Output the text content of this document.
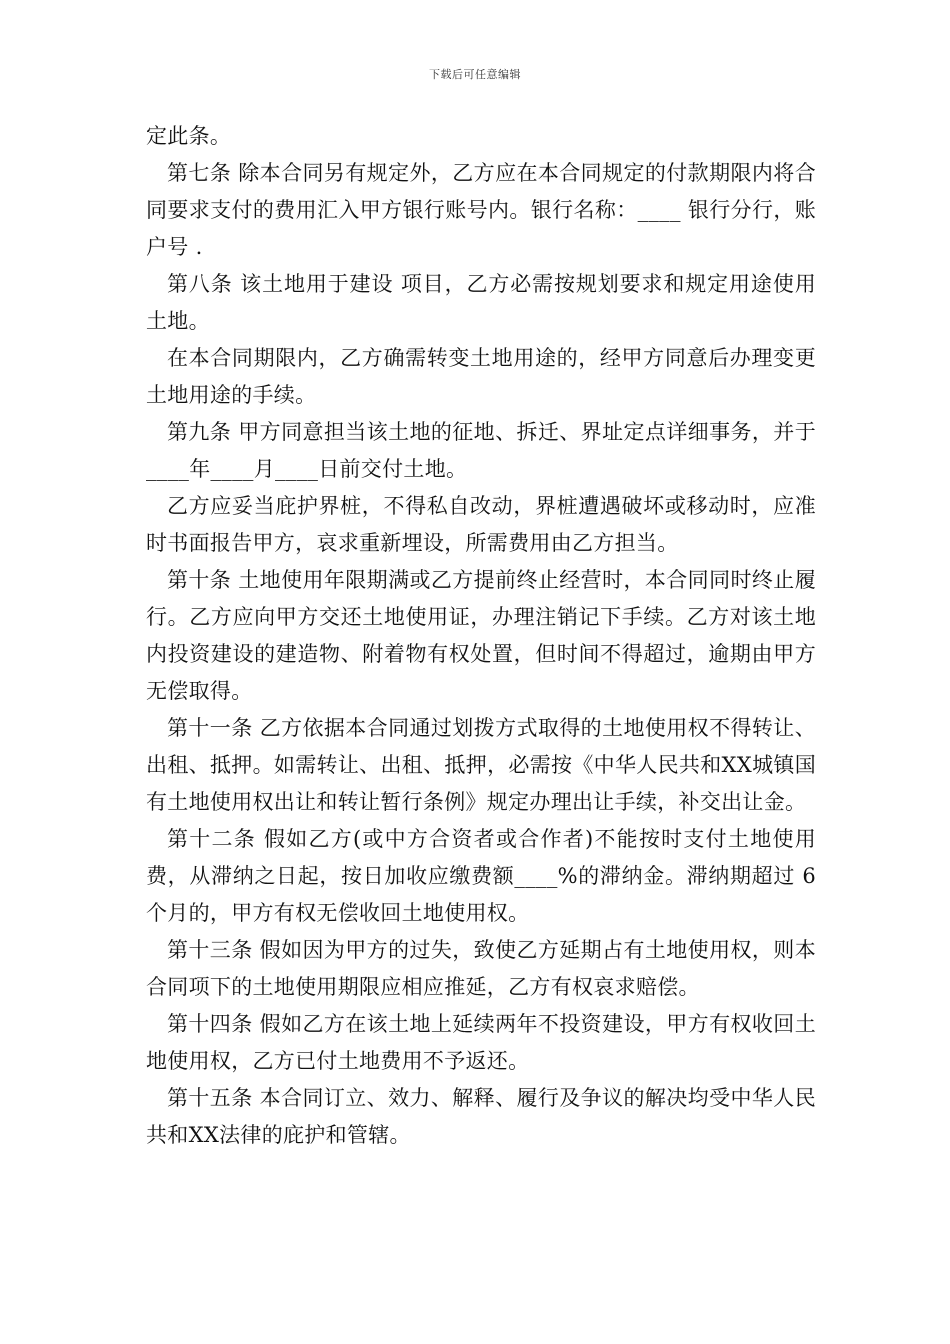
下载后可任意编辑

定此条。

第七条 除本合同另有规定外，乙方应在本合同规定的付款期限内将合同要求支付的费用汇入甲方银行账号内。银行名称：____ 银行分行，账户号 .

第八条 该土地用于建设 项目，乙方必需按规划要求和规定用途使用土地。

在本合同期限内，乙方确需转变土地用途的，经甲方同意后办理变更土地用途的手续。

第九条 甲方同意担当该土地的征地、拆迁、界址定点详细事务，并于 ____年____月____日前交付土地。

乙方应妥当庇护界桩，不得私自改动，界桩遭遇破坏或移动时，应准时书面报告甲方，哀求重新埋设，所需费用由乙方担当。

第十条 土地使用年限期满或乙方提前终止经营时，本合同同时终止履行。乙方应向甲方交还土地使用证，办理注销记下手续。乙方对该土地内投资建设的建造物、附着物有权处置，但时间不得超过，逾期由甲方无偿取得。

第十一条 乙方依据本合同通过划拨方式取得的土地使用权不得转让、出租、抵押。如需转让、出租、抵押，必需按《中华人民共和XX城镇国有土地使用权出让和转让暂行条例》规定办理出让手续，补交出让金。

第十二条 假如乙方(或中方合资者或合作者)不能按时支付土地使用费，从滞纳之日起，按日加收应缴费额____%的滞纳金。滞纳期超过 6 个月的，甲方有权无偿收回土地使用权。

第十三条 假如因为甲方的过失，致使乙方延期占有土地使用权，则本合同项下的土地使用期限应相应推延，乙方有权哀求赔偿。

第十四条 假如乙方在该土地上延续两年不投资建设，甲方有权收回土地使用权，乙方已付土地费用不予返还。

第十五条 本合同订立、效力、解释、履行及争议的解决均受中华人民共和XX法律的庇护和管辖。
